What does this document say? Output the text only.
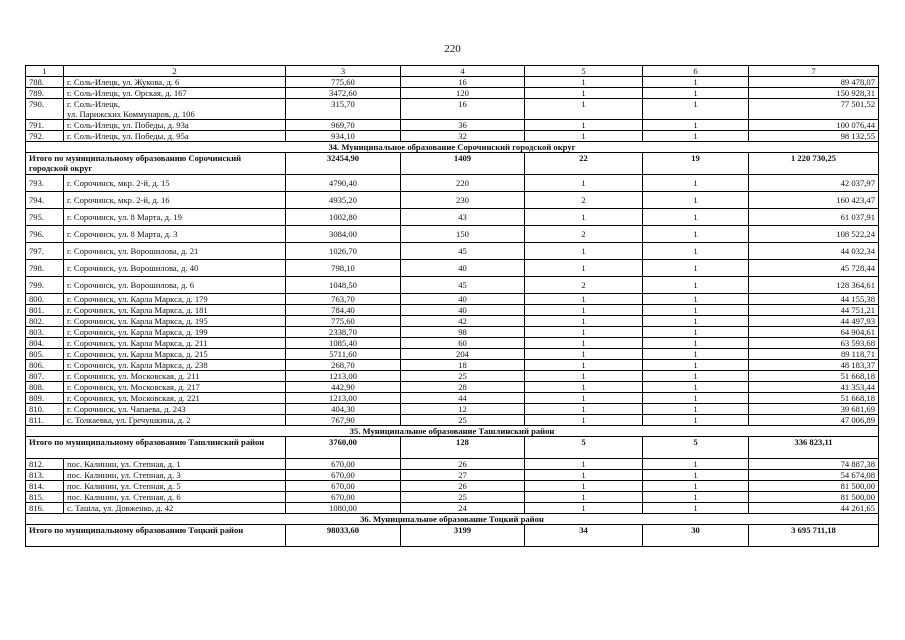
220
1	2	3	4	5	6	7
788.	г. Соль-Илецк, ул. Жукова, д. 6	775,60	16	1	1	89 478,07
789.	г. Соль-Илецк, ул. Орская, д. 167	3472,60	120	1	1	150 928,31
790.	г. Соль-Илецк,
ул. Парижских Коммунаров, д. 106	315,70	16	1	1	77 501,52
791.	г. Соль-Илецк, ул. Победы, д. 93а	969,70	36	1	1	100 076,44
792.	г. Соль-Илецк, ул. Победы, д. 95а	934,10	32	1	1	98 132,55
34. Муниципальное образование Сорочинский городской округ						
Итого по муниципальному образованию Сорочинский городской округ		32454,90	1409	22	19	1 220 730,25
793.	г. Сорочинск, мкр. 2-й, д. 15	4790,40	220	1	1	42 037,97
794.	г. Сорочинск, мкр. 2-й, д. 16	4935,20	230	2	1	160 423,47
795.	г. Сорочинск, ул. 8 Марта, д. 19	1002,80	43	1	1	61 037,91
796.	г. Сорочинск, ул. 8 Марта, д. 3	3084,00	150	2	1	108 522,24
797.	г. Сорочинск, ул. Ворошилова, д. 21	1026,70	45	1	1	44 032,34
798.	г. Сорочинск, ул. Ворошилова, д. 40	798,10	40	1	1	45 728,44
799.	г. Сорочинск, ул. Ворошилова, д. 6	1048,50	45	2	1	128 364,61
800.	г. Сорочинск, ул. Карла Маркса, д. 179	763,70	40	1	1	44 155,38
801.	г. Сорочинск, ул. Карла Маркса, д. 181	784,40	40	1	1	44 751,21
802.	г. Сорочинск, ул. Карла Маркса, д. 195	775,60	42	1	1	44 497,93
803.	г. Сорочинск, ул. Карла Маркса, д. 199	2338,70	98	1	1	64 904,61
804.	г. Сорочинск, ул. Карла Маркса, д. 211	1085,40	60	1	1	63 593,68
805.	г. Сорочинск, ул. Карла Маркса, д. 215	5711,60	204	1	1	89 118,71
806.	г. Сорочинск, ул. Карла Маркса, д. 238	268,70	18	1	1	48 183,37
807.	г. Сорочинск, ул. Московская, д. 211	1213,00	25	1	1	51 668,18
808.	г. Сорочинск, ул. Московская, д. 217	442,90	28	1	1	41 353,44
809.	г. Сорочинск, ул. Московская, д. 221	1213,00	44	1	1	51 668,18
810.	г. Сорочинск, ул. Чапаева, д. 243	404,30	12	1	1	39 681,69
811.	с. Толкаевка, ул. Гречушкина, д. 2	767,90	25	1	1	47 006,89
35. Муниципальное образование Ташлинский район						
Итого по муниципальному образованию Ташлинский район		3760,00	128	5	5	336 823,11
812.	пос. Калинин, ул. Степная, д. 1	670,00	26	1	1	74 887,38
813.	пос. Калинин, ул. Степная, д. 3	670,00	27	1	1	54 674,08
814.	пос. Калинин, ул. Степная, д. 5	670,00	26	1	1	81 500,00
815.	пос. Калинин, ул. Степная, д. 6	670,00	25	1	1	81 500,00
816.	с. Ташла, ул. Довженко, д. 42	1080,00	24	1	1	44 261,65
36. Муниципальное образование Тоцкий район						
Итого по муниципальному образованию Тоцкий район		98033,60	3199	34	30	3 695 711,18
